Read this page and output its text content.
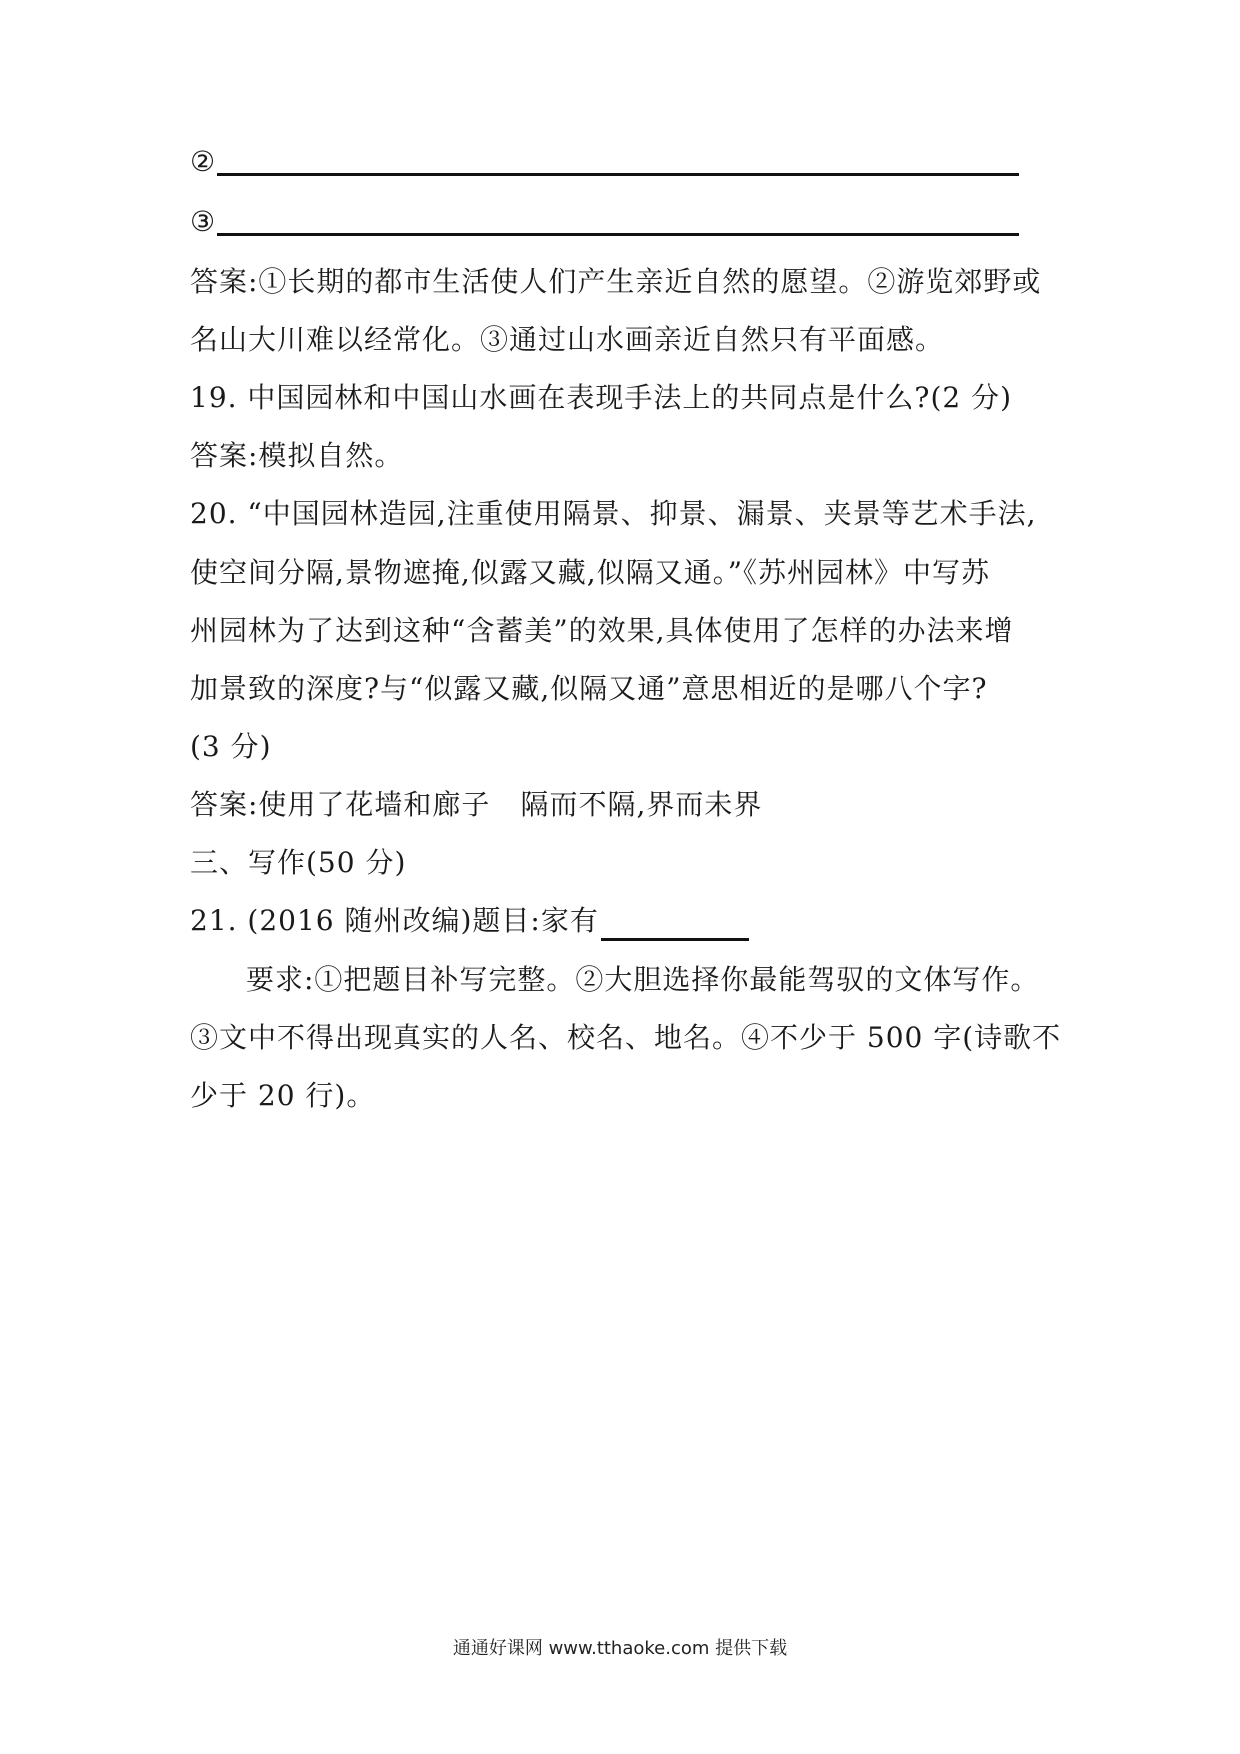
②
③
答案:①长期的都市生活使人们产生亲近自然的愿望。②游览郊野或
名山大川难以经常化。③通过山水画亲近自然只有平面感。
19. 中国园林和中国山水画在表现手法上的共同点是什么?(2 分)
答案:模拟自然。
20. “中国园林造园,注重使用隔景、抑景、漏景、夹景等艺术手法,
使空间分隔,景物遮掩,似露又藏,似隔又通。”《苏州园林》中写苏
州园林为了达到这种“含蓄美”的效果,具体使用了怎样的办法来增
加景致的深度?与“似露又藏,似隔又通”意思相近的是哪八个字?
(3 分)
答案:使用了花墙和廊子 隔而不隔,界而未界
三、写作(50 分)
21. (2016 随州改编)题目:家有
要求:①把题目补写完整。②大胆选择你最能驾驭的文体写作。
③文中不得出现真实的人名、校名、地名。④不少于 500 字(诗歌不
少于 20 行)。
通通好课网 www.tthaoke.com 提供下载
